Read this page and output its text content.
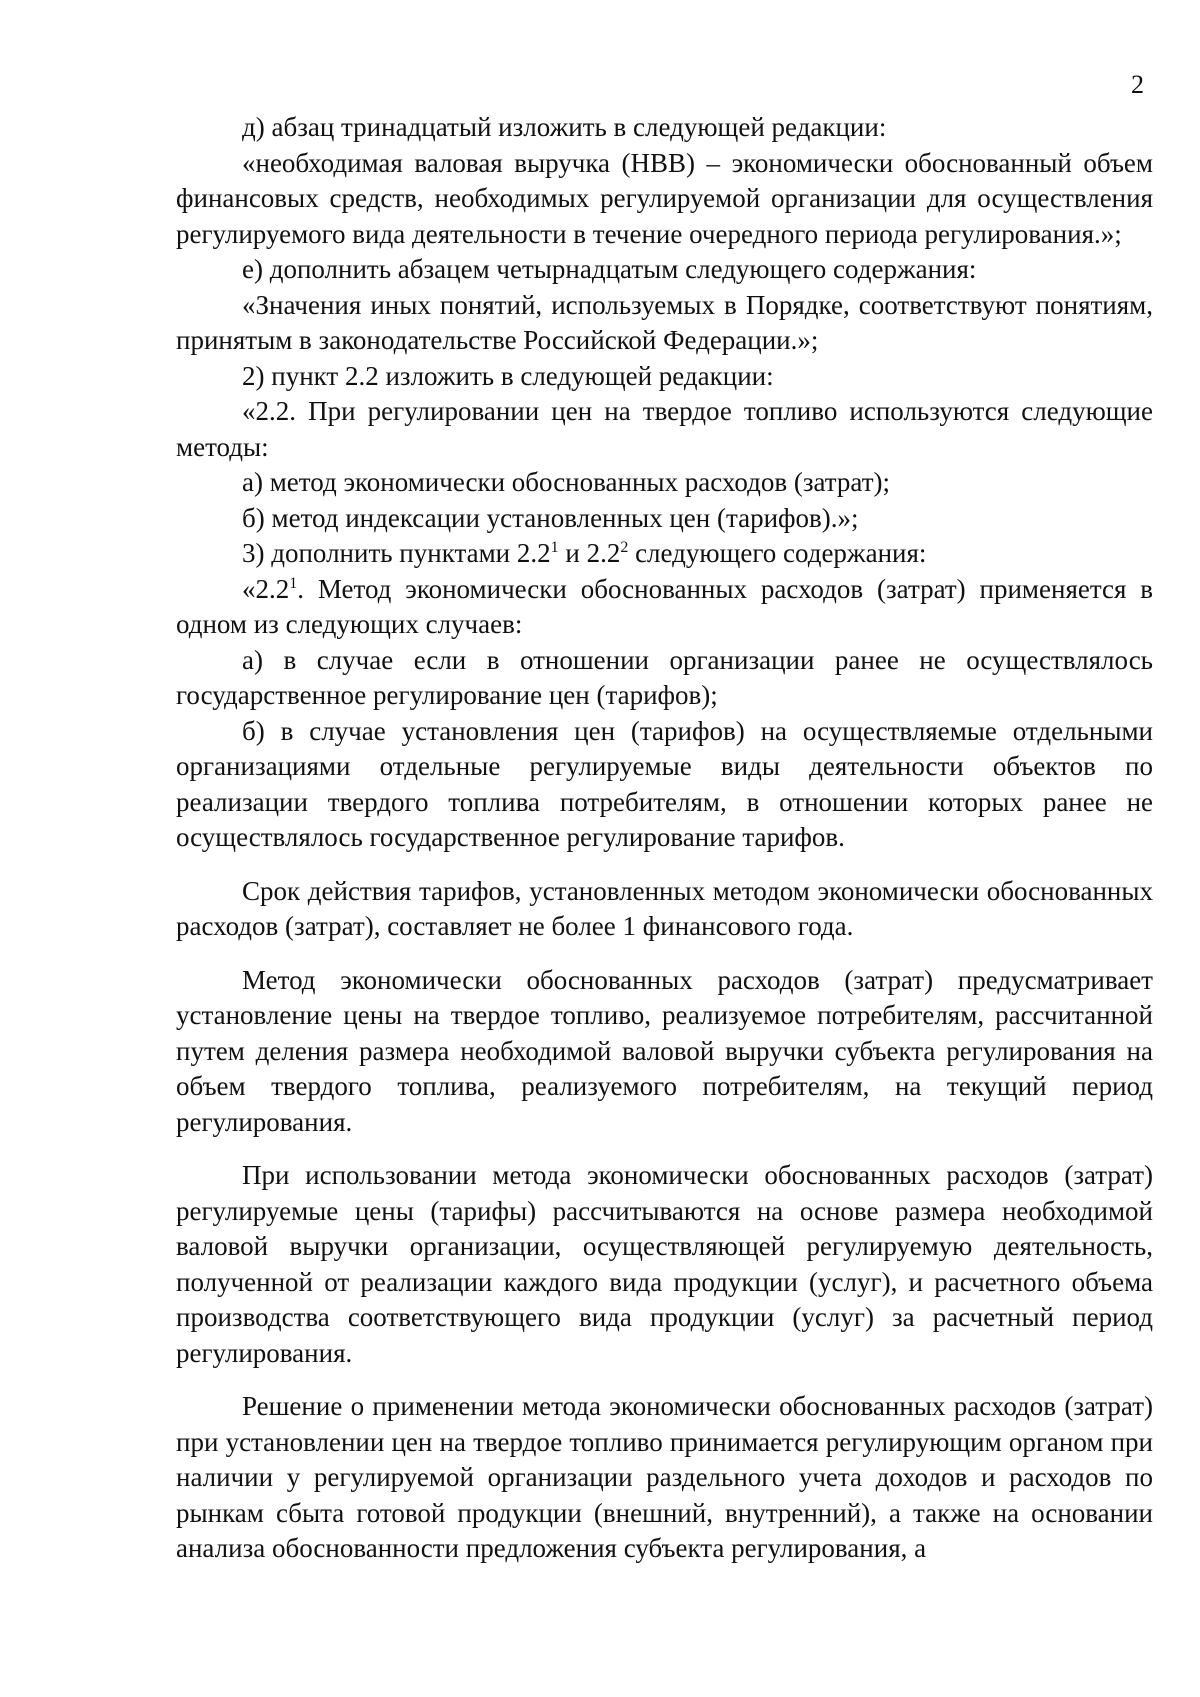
2

д) абзац тринадцатый изложить в следующей редакции:

«необходимая валовая выручка (НВВ) – экономически обоснованный объем финансовых средств, необходимых регулируемой организации для осуществления регулируемого вида деятельности в течение очередного периода регулирования.»;

е) дополнить абзацем четырнадцатым следующего содержания:

«Значения иных понятий, используемых в Порядке, соответствуют понятиям, принятым в законодательстве Российской Федерации.»;

2) пункт 2.2 изложить в следующей редакции:

«2.2. При регулировании цен на твердое топливо используются следующие методы:

а) метод экономически обоснованных расходов (затрат);

б) метод индексации установленных цен (тарифов).»;

3) дополнить пунктами $2.2^1$ и $2.2^2$ следующего содержания:

«$2.2^1$. Метод экономически обоснованных расходов (затрат) применяется в одном из следующих случаев:

а) в случае если в отношении организации ранее не осуществлялось государственное регулирование цен (тарифов);

б) в случае установления цен (тарифов) на осуществляемые отдельными организациями отдельные регулируемые виды деятельности объектов по реализации твердого топлива потребителям, в отношении которых ранее не осуществлялось государственное регулирование тарифов.

Срок действия тарифов, установленных методом экономически обоснованных расходов (затрат), составляет не более 1 финансового года.

Метод экономически обоснованных расходов (затрат) предусматривает установление цены на твердое топливо, реализуемое потребителям, рассчитанной путем деления размера необходимой валовой выручки субъекта регулирования на объем твердого топлива, реализуемого потребителям, на текущий период регулирования.

При использовании метода экономически обоснованных расходов (затрат) регулируемые цены (тарифы) рассчитываются на основе размера необходимой валовой выручки организации, осуществляющей регулируемую деятельность, полученной от реализации каждого вида продукции (услуг), и расчетного объема производства соответствующего вида продукции (услуг) за расчетный период регулирования.

Решение о применении метода экономически обоснованных расходов (затрат) при установлении цен на твердое топливо принимается регулирующим органом при наличии у регулируемой организации раздельного учета доходов и расходов по рынкам сбыта готовой продукции (внешний, внутренний), а также на основании анализа обоснованности предложения субъекта регулирования, а
